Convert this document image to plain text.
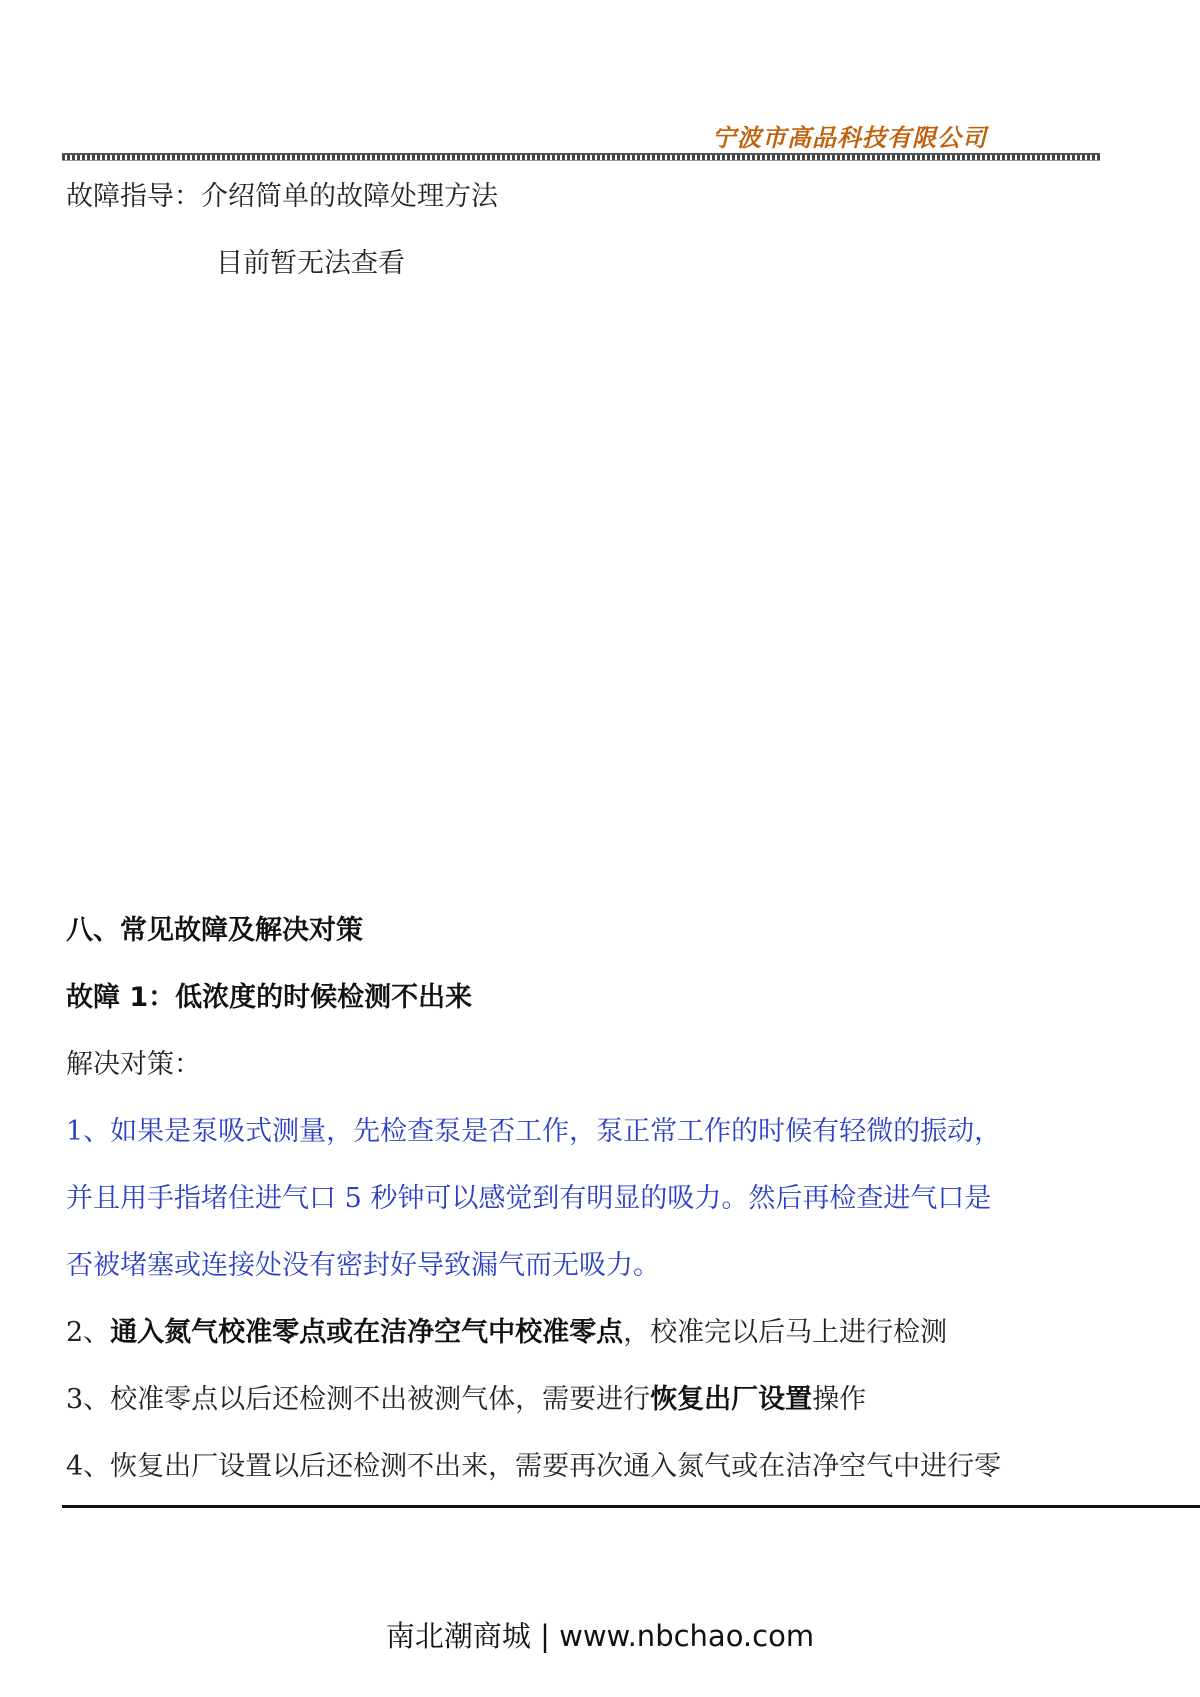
宁波市高品科技有限公司
故障指导：介绍简单的故障处理方法
目前暂无法查看
八、常见故障及解决对策
故障 1：低浓度的时候检测不出来
解决对策：
1、如果是泵吸式测量，先检查泵是否工作，泵正常工作的时候有轻微的振动，
并且用手指堵住进气口 5 秒钟可以感觉到有明显的吸力。然后再检查进气口是
否被堵塞或连接处没有密封好导致漏气而无吸力。
2、通入氮气校准零点或在洁净空气中校准零点，校准完以后马上进行检测
3、校准零点以后还检测不出被测气体，需要进行恢复出厂设置操作
4、恢复出厂设置以后还检测不出来，需要再次通入氮气或在洁净空气中进行零
南北潮商城 | www.nbchao.com
